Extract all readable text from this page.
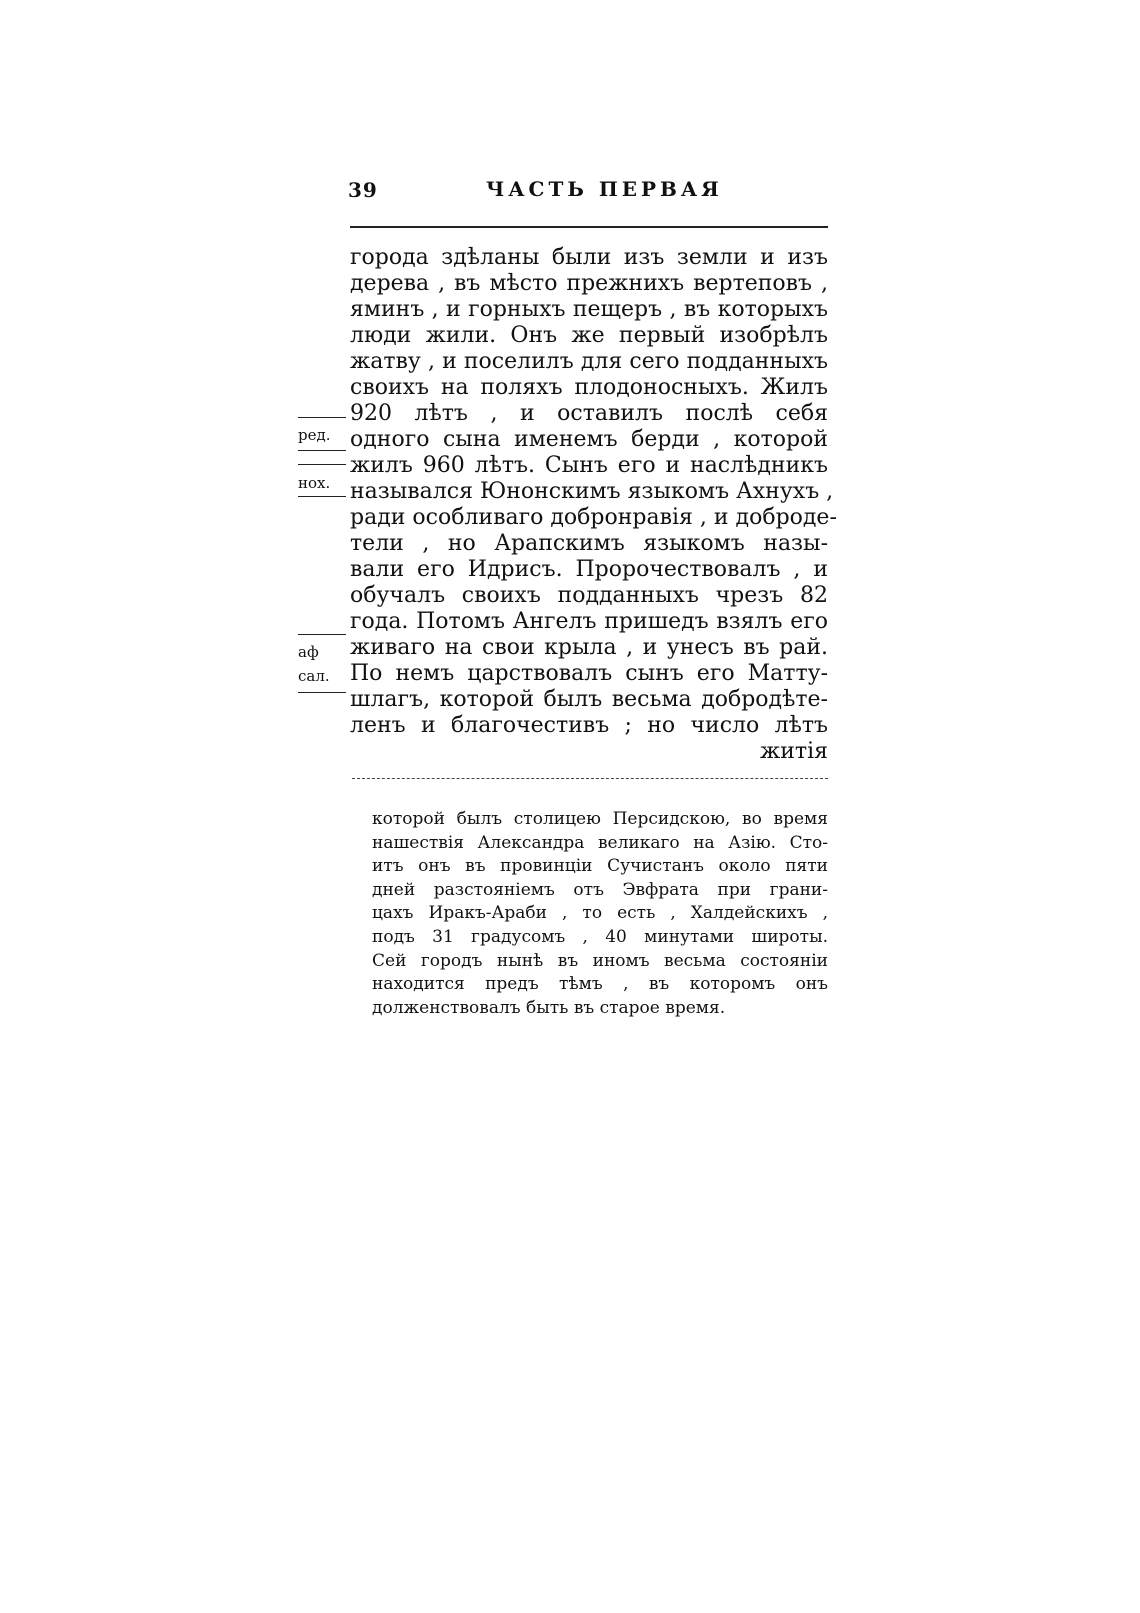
39	ЧАСТЬ ПЕРВАЯ
города здѣланы были изъ земли и изъ
дерева , въ мѣсто прежнихъ вертеповъ ,
яминъ , и горныхъ пещеръ , въ которыхъ
люди жили. Онъ же первый изобрѣлъ
жатву , и поселилъ для сего подданныхъ
своихъ на поляхъ плодоносныхъ. Жилъ
920 лѣтъ , и оставилъ послѣ себя
одного сына именемъ берди , которой
жилъ 960 лѣтъ. Сынъ его и наслѣдникъ
назывался Юнонскимъ языкомъ Ахнухъ ,
ради особливаго добронравія , и доброде-
тели , но Арапскимъ языкомъ назы-
вали его Идрисъ. Пророчествовалъ , и
обучалъ своихъ подданныхъ чрезъ 82
года. Потомъ Ангелъ пришедъ взялъ его
живаго на свои крыла , и унесъ въ рай.
По немъ царствовалъ сынъ его Матту-
шлагъ, которой былъ весьма добродѣте-
ленъ и благочестивъ ; но число лѣтъ
житія
ред.
нох.
аф
сал.
которой былъ столицею Персидскою, во время
нашествія Александра великаго на Азію. Сто-
итъ онъ въ провинціи Сучистанъ около пяти
дней разстояніемъ отъ Эвфрата при грани-
цахъ Иракъ-Араби , то есть , Халдейскихъ ,
подъ 31 градусомъ , 40 минутами широты.
Сей городъ нынѣ въ иномъ весьма состояніи
находится предъ тѣмъ , въ которомъ онъ
долженствовалъ быть въ старое время.
